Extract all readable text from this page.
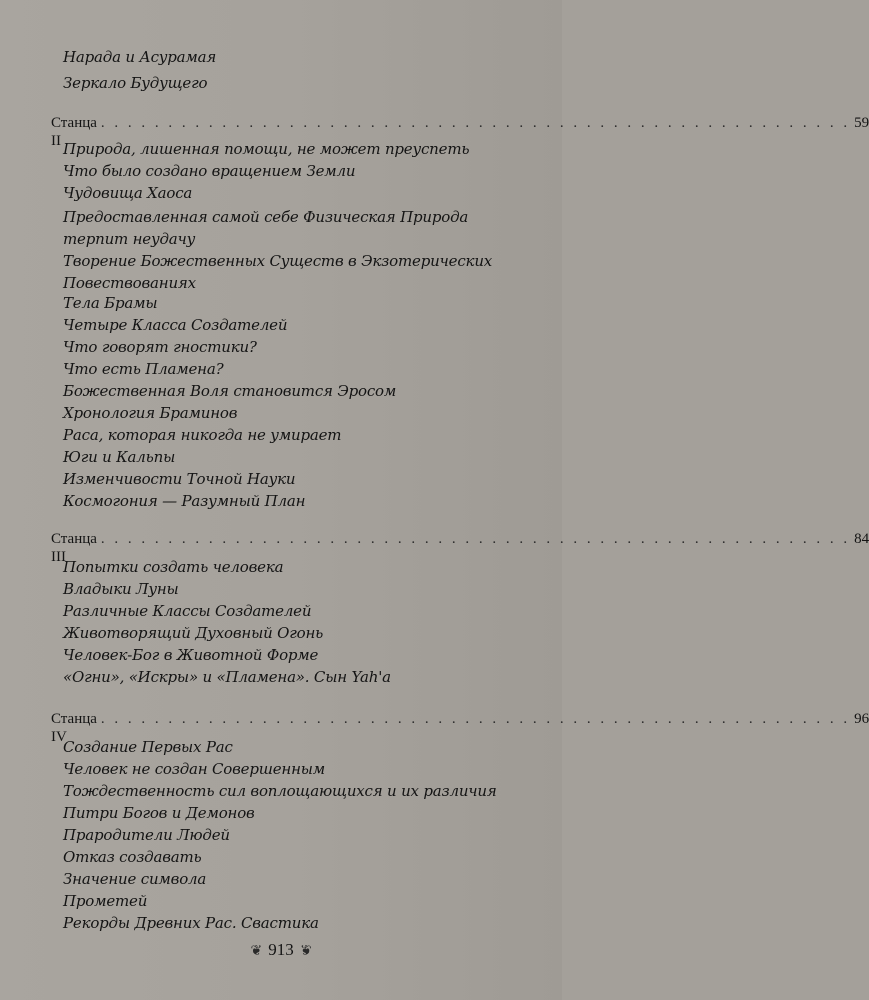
Нарада и Асурамая
Зеркало Будущего
Станца II
. . . . . . . . . . . . . . . . . . . . . . . . . . . . . . . . . . . . . . . . . . . . . . . . . . . . . . . . 59
Природа, лишенная помощи, не может преуспеть
Что было создано вращением Земли
Чудовища Хаоса
Предоставленная самой себе Физическая Природа терпит неудачу
Творение Божественных Существ в Экзотерических Повествованиях
Тела Брамы
Четыре Класса Создателей
Что говорят гностики?
Что есть Пламена?
Божественная Воля становится Эросом
Хронология Браминов
Раса, которая никогда не умирает
Юги и Кальпы
Изменчивости Точной Науки
Космогония — Разумный План
Станца III
. . . . . . . . . . . . . . . . . . . . . . . . . . . . . . . . . . . . . . . . . . . . . . . . . . . . . . . . 84
Попытки создать человека
Владыки Луны
Различные Классы Создателей
Животворящий Духовный Огонь
Человек-Бог в Животной Форме
«Огни», «Искры» и «Пламена». Сын Yah'a
Станца IV
. . . . . . . . . . . . . . . . . . . . . . . . . . . . . . . . . . . . . . . . . . . . . . . . . . . . . . . . 96
Создание Первых Рас
Человек не создан Совершенным
Тождественность сил воплощающихся и их различия
Питри Богов и Демонов
Прародители Людей
Отказ создавать
Значение символа
Прометей
Рекорды Древних Рас. Свастика
❦ 913 ❦
